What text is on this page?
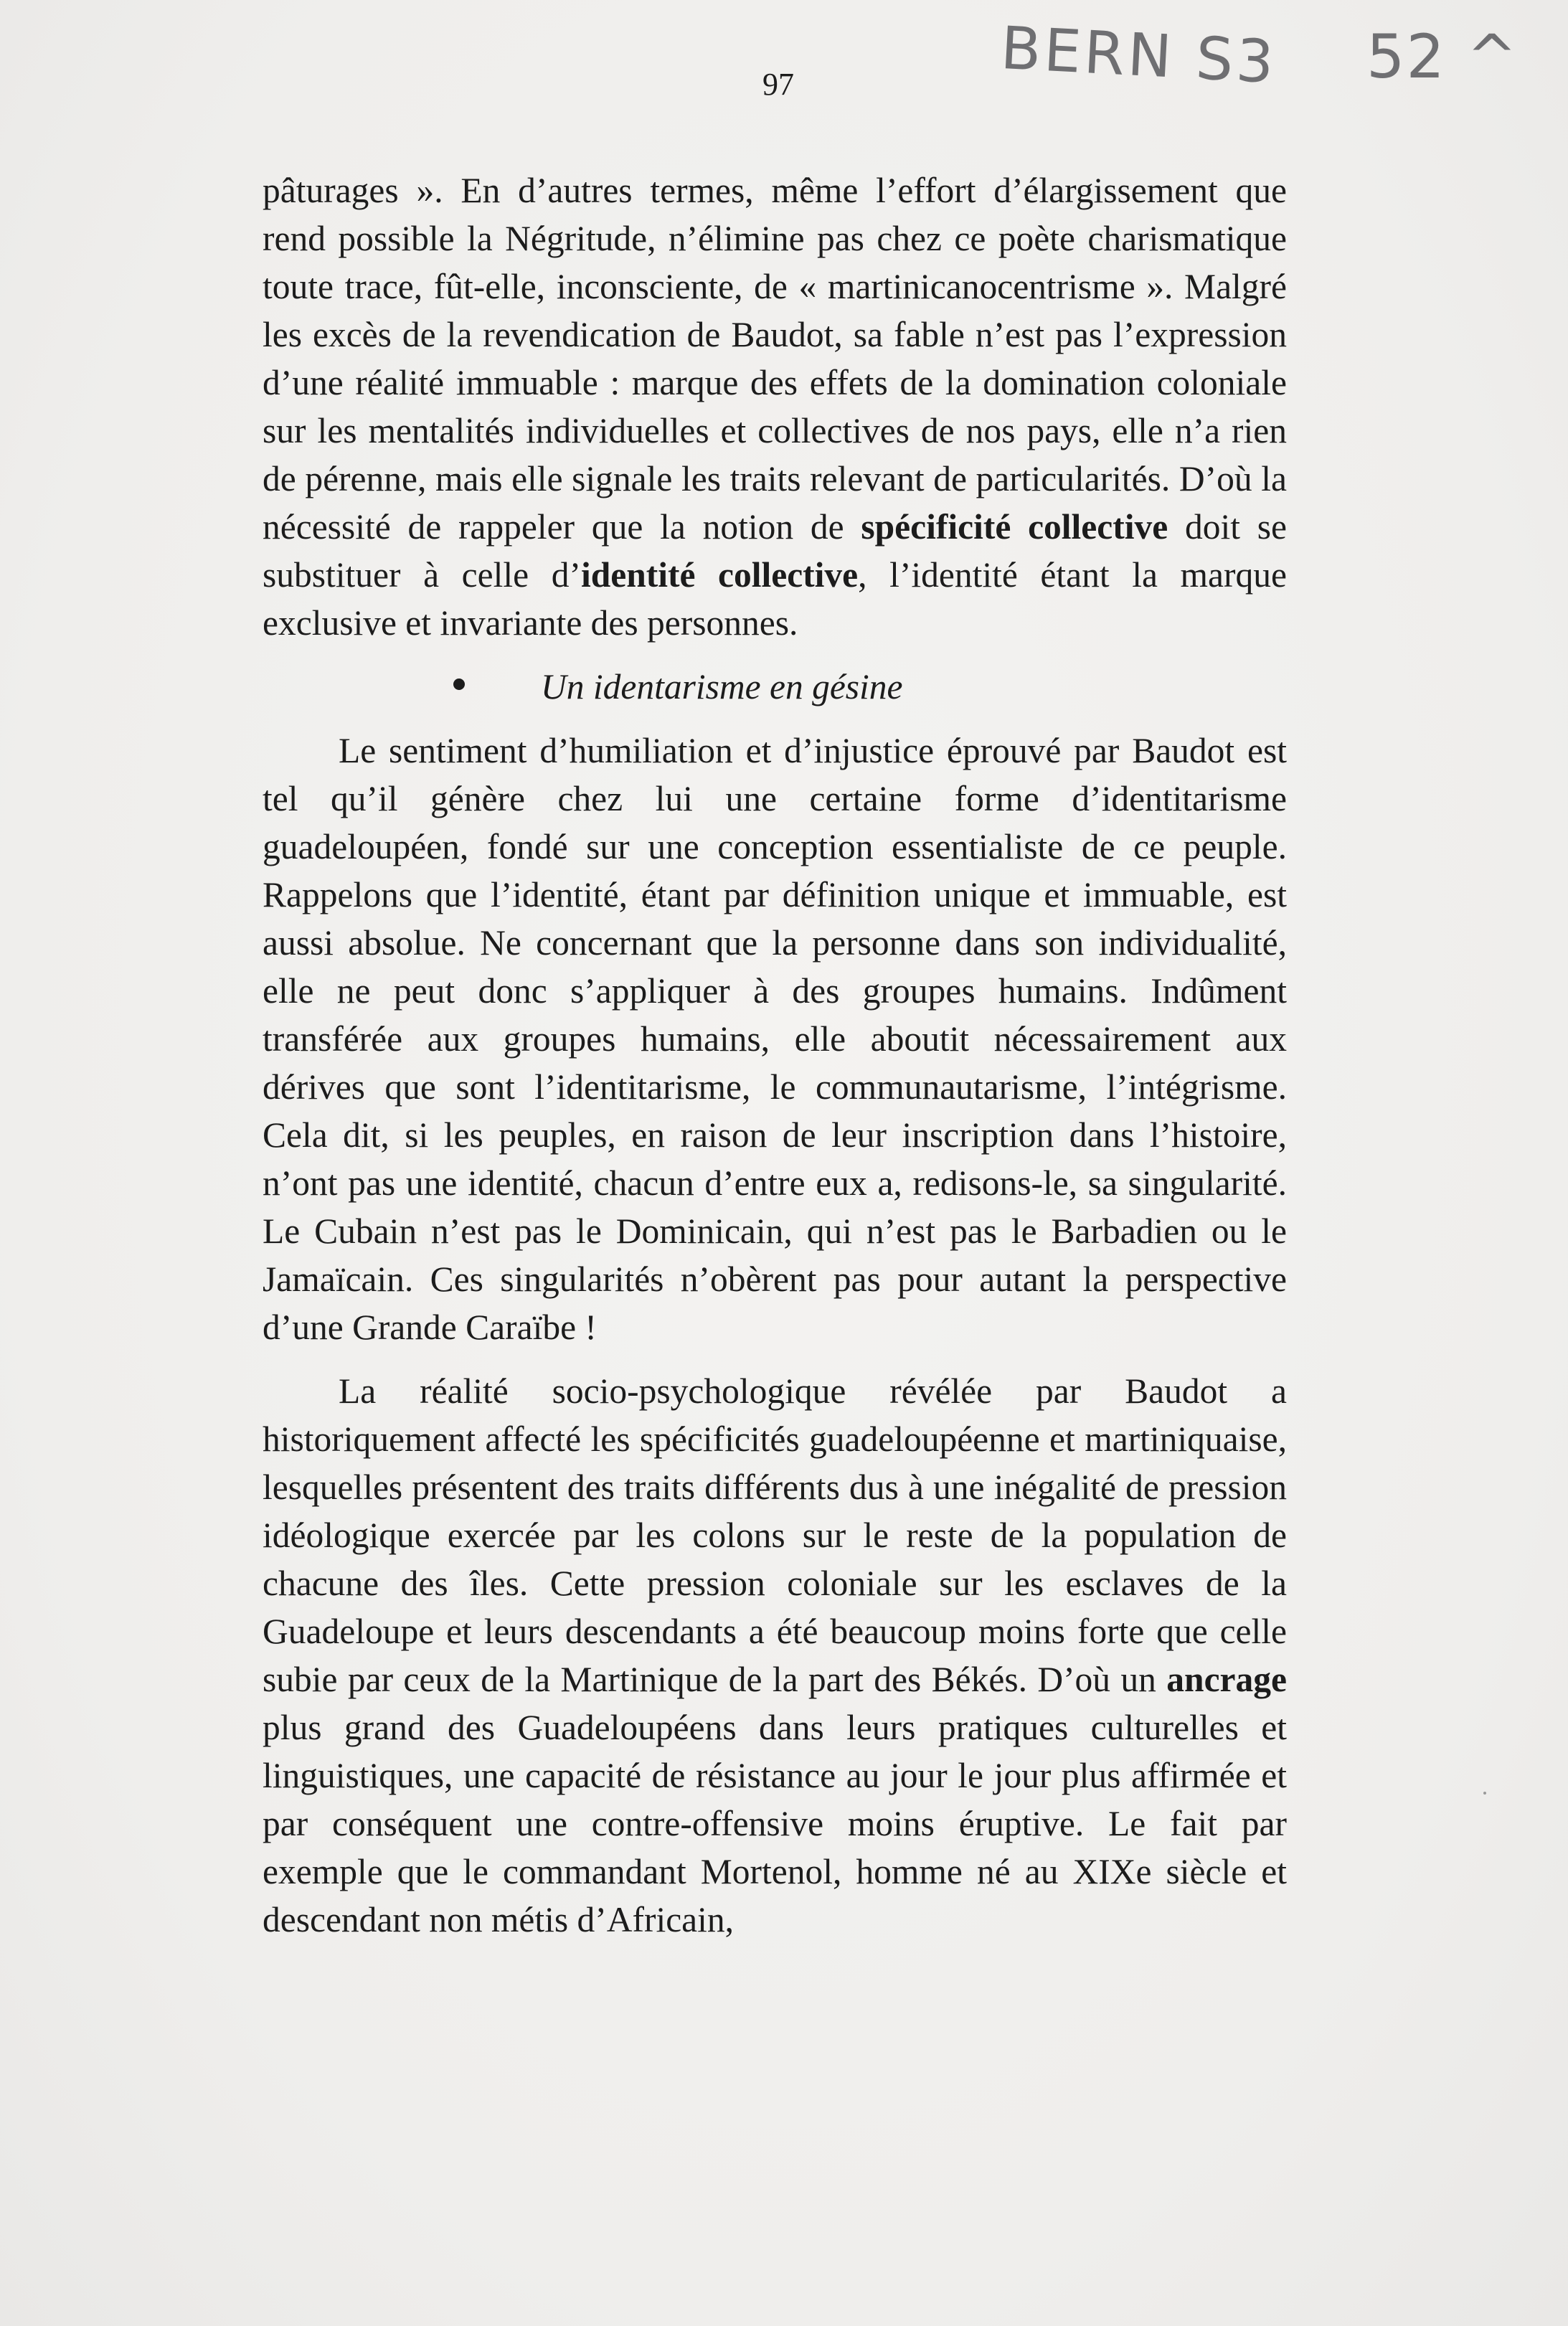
BERN S3 52 ^
97

pâturages ». En d’autres termes, même l’effort d’élargissement que rend possible la Négritude, n’élimine pas chez ce poète charismatique toute trace, fût-elle, inconsciente, de « martinicanocentrisme ». Malgré les excès de la revendication de Baudot, sa fable n’est pas l’expression d’une réalité immuable : marque des effets de la domination coloniale sur les mentalités individuelles et collectives de nos pays, elle n’a rien de pérenne, mais elle signale les traits relevant de particularités. D’où la nécessité de rappeler que la notion de spécificité collective doit se substituer à celle d’identité collective, l’identité étant la marque exclusive et invariante des personnes.

Un identarisme en gésine

Le sentiment d’humiliation et d’injustice éprouvé par Baudot est tel qu’il génère chez lui une certaine forme d’identitarisme guadeloupéen, fondé sur une conception essentialiste de ce peuple. Rappelons que l’identité, étant par définition unique et immuable, est aussi absolue. Ne concernant que la personne dans son individualité, elle ne peut donc s’appliquer à des groupes humains. Indûment transférée aux groupes humains, elle aboutit nécessairement aux dérives que sont l’identitarisme, le communautarisme, l’intégrisme. Cela dit, si les peuples, en raison de leur inscription dans l’histoire, n’ont pas une identité, chacun d’entre eux a, redisons-le, sa singularité. Le Cubain n’est pas le Dominicain, qui n’est pas le Barbadien ou le Jamaïcain. Ces singularités n’obèrent pas pour autant la perspective d’une Grande Caraïbe !

La réalité socio-psychologique révélée par Baudot a historiquement affecté les spécificités guadeloupéenne et martiniquaise, lesquelles présentent des traits différents dus à une inégalité de pression idéologique exercée par les colons sur le reste de la population de chacune des îles. Cette pression coloniale sur les esclaves de la Guadeloupe et leurs descendants a été beaucoup moins forte que celle subie par ceux de la Martinique de la part des Békés. D’où un ancrage plus grand des Guadeloupéens dans leurs pratiques culturelles et linguistiques, une capacité de résistance au jour le jour plus affirmée et par conséquent une contre-offensive moins éruptive. Le fait par exemple que le commandant Mortenol, homme né au XIXe siècle et descendant non métis d’Africain,
